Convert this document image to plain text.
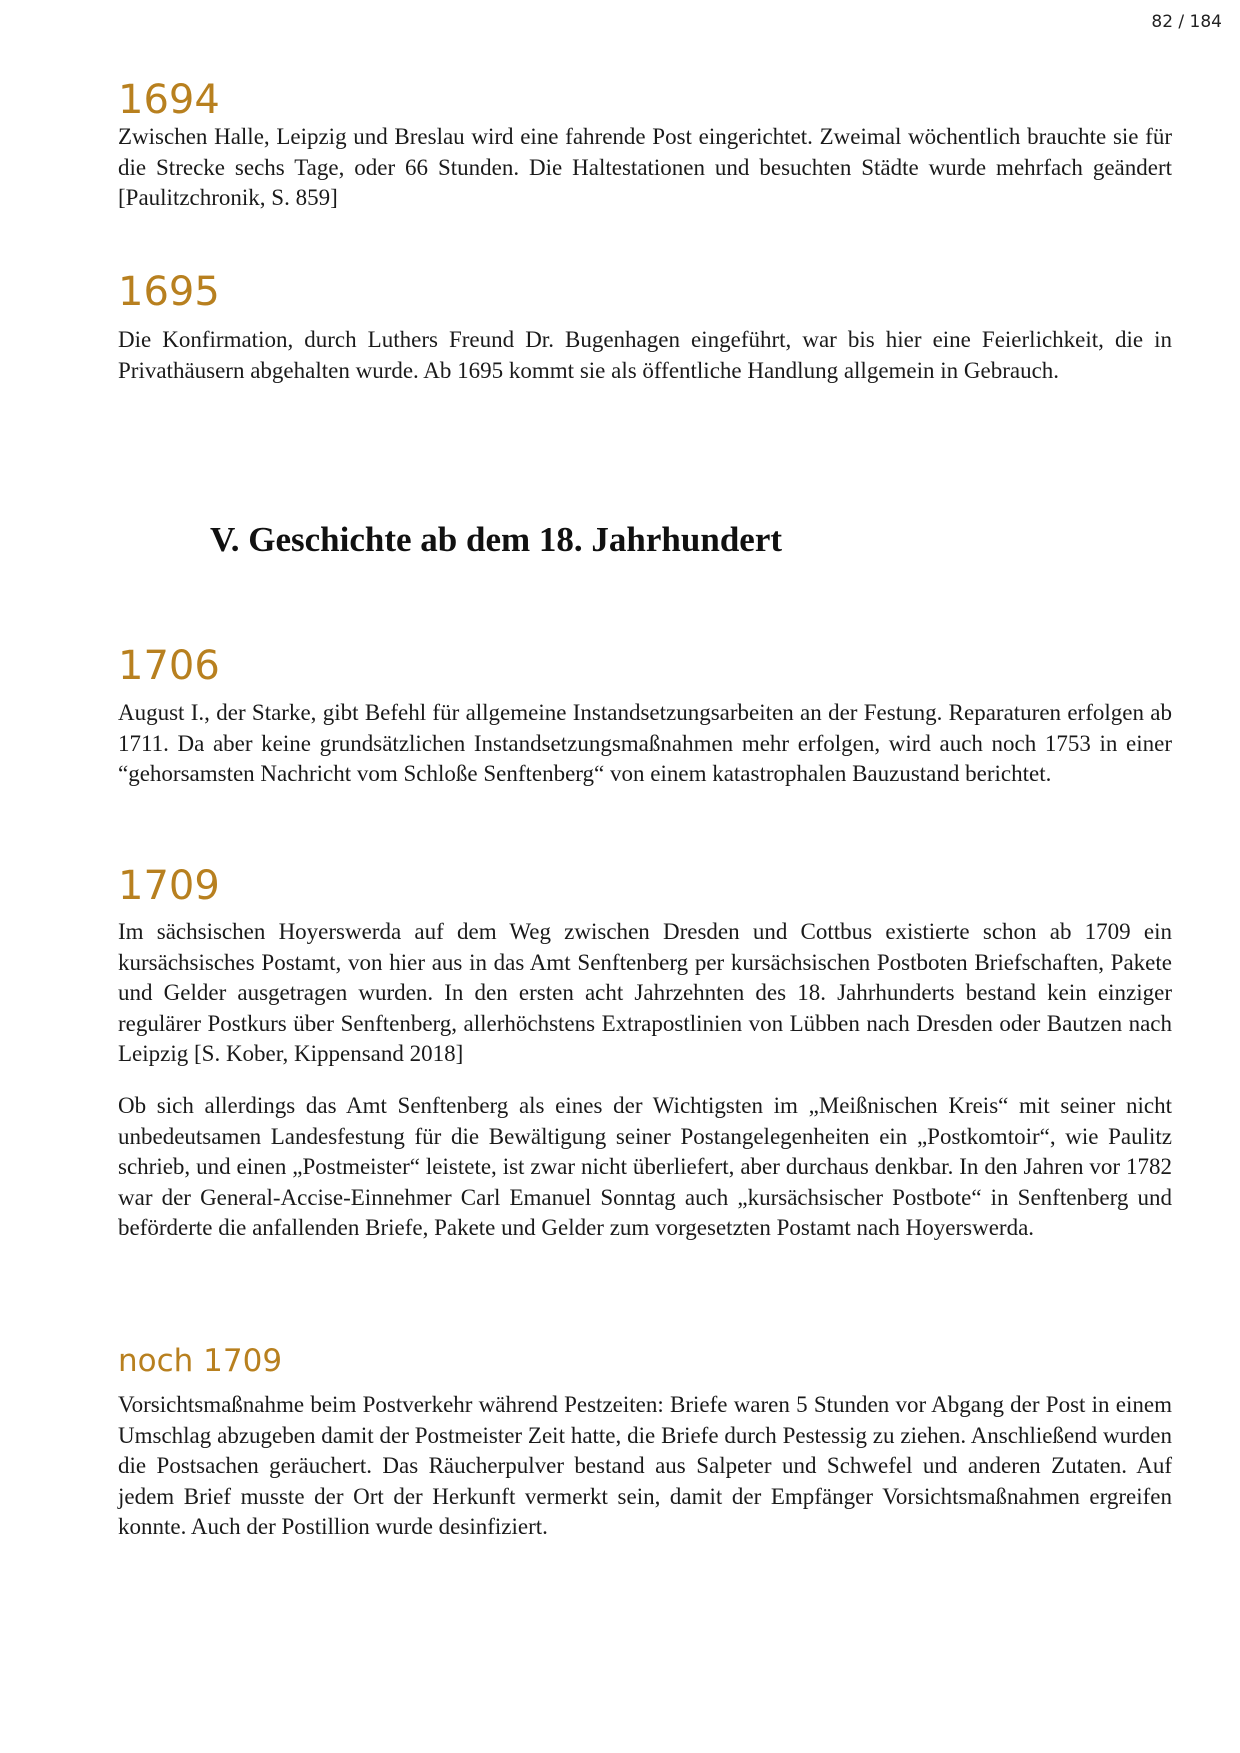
82 / 184
1694

Zwischen Halle, Leipzig und Breslau wird eine fahrende Post eingerichtet. Zweimal wöchentlich brauchte sie für die Strecke sechs Tage, oder 66 Stunden. Die Haltestationen und besuchten Städte wurde mehrfach geändert [Paulitzchronik, S. 859]

1695

Die Konfirmation, durch Luthers Freund Dr. Bugenhagen eingeführt, war bis hier eine Feierlichkeit, die in Privathäusern abgehalten wurde. Ab 1695 kommt sie als öffentliche Handlung allgemein in Gebrauch.

V. Geschichte ab dem 18. Jahrhundert
1706

August I., der Starke, gibt Befehl für allgemeine Instandsetzungsarbeiten an der Festung. Reparaturen erfolgen ab 1711. Da aber keine grundsätzlichen Instandsetzungsmaßnahmen mehr erfolgen, wird auch noch 1753 in einer “gehorsamsten Nachricht vom Schloße Senftenberg“ von einem katastrophalen Bauzustand berichtet.

1709

Im sächsischen Hoyerswerda auf dem Weg zwischen Dresden und Cottbus existierte schon ab 1709 ein kursächsisches Postamt, von hier aus in das Amt Senftenberg per kursächsischen Postboten Briefschaften, Pakete und Gelder ausgetragen wurden. In den ersten acht Jahrzehnten des 18. Jahrhunderts bestand kein einziger regulärer Postkurs über Senftenberg, allerhöchstens Extrapostlinien von Lübben nach Dresden oder Bautzen nach Leipzig [S. Kober, Kippensand 2018]

Ob sich allerdings das Amt Senftenberg als eines der Wichtigsten im „Meißnischen Kreis“ mit seiner nicht unbedeutsamen Landesfestung für die Bewältigung seiner Postangelegenheiten ein „Postkomtoir“, wie Paulitz schrieb, und einen „Postmeister“ leistete, ist zwar nicht überliefert, aber durchaus denkbar. In den Jahren vor 1782 war der General-Accise-Einnehmer Carl Emanuel Sonntag auch „kursächsischer Postbote“ in Senftenberg und beförderte die anfallenden Briefe, Pakete und Gelder zum vorgesetzten Postamt nach Hoyerswerda.

noch 1709

Vorsichtsmaßnahme beim Postverkehr während Pestzeiten: Briefe waren 5 Stunden vor Abgang der Post in einem Umschlag abzugeben damit der Postmeister Zeit hatte, die Briefe durch Pestessig zu ziehen. Anschließend wurden die Postsachen geräuchert. Das Räucherpulver bestand aus Salpeter und Schwefel und anderen Zutaten. Auf jedem Brief musste der Ort der Herkunft vermerkt sein, damit der Empfänger Vorsichtsmaßnahmen ergreifen konnte. Auch der Postillion wurde desinfiziert.
